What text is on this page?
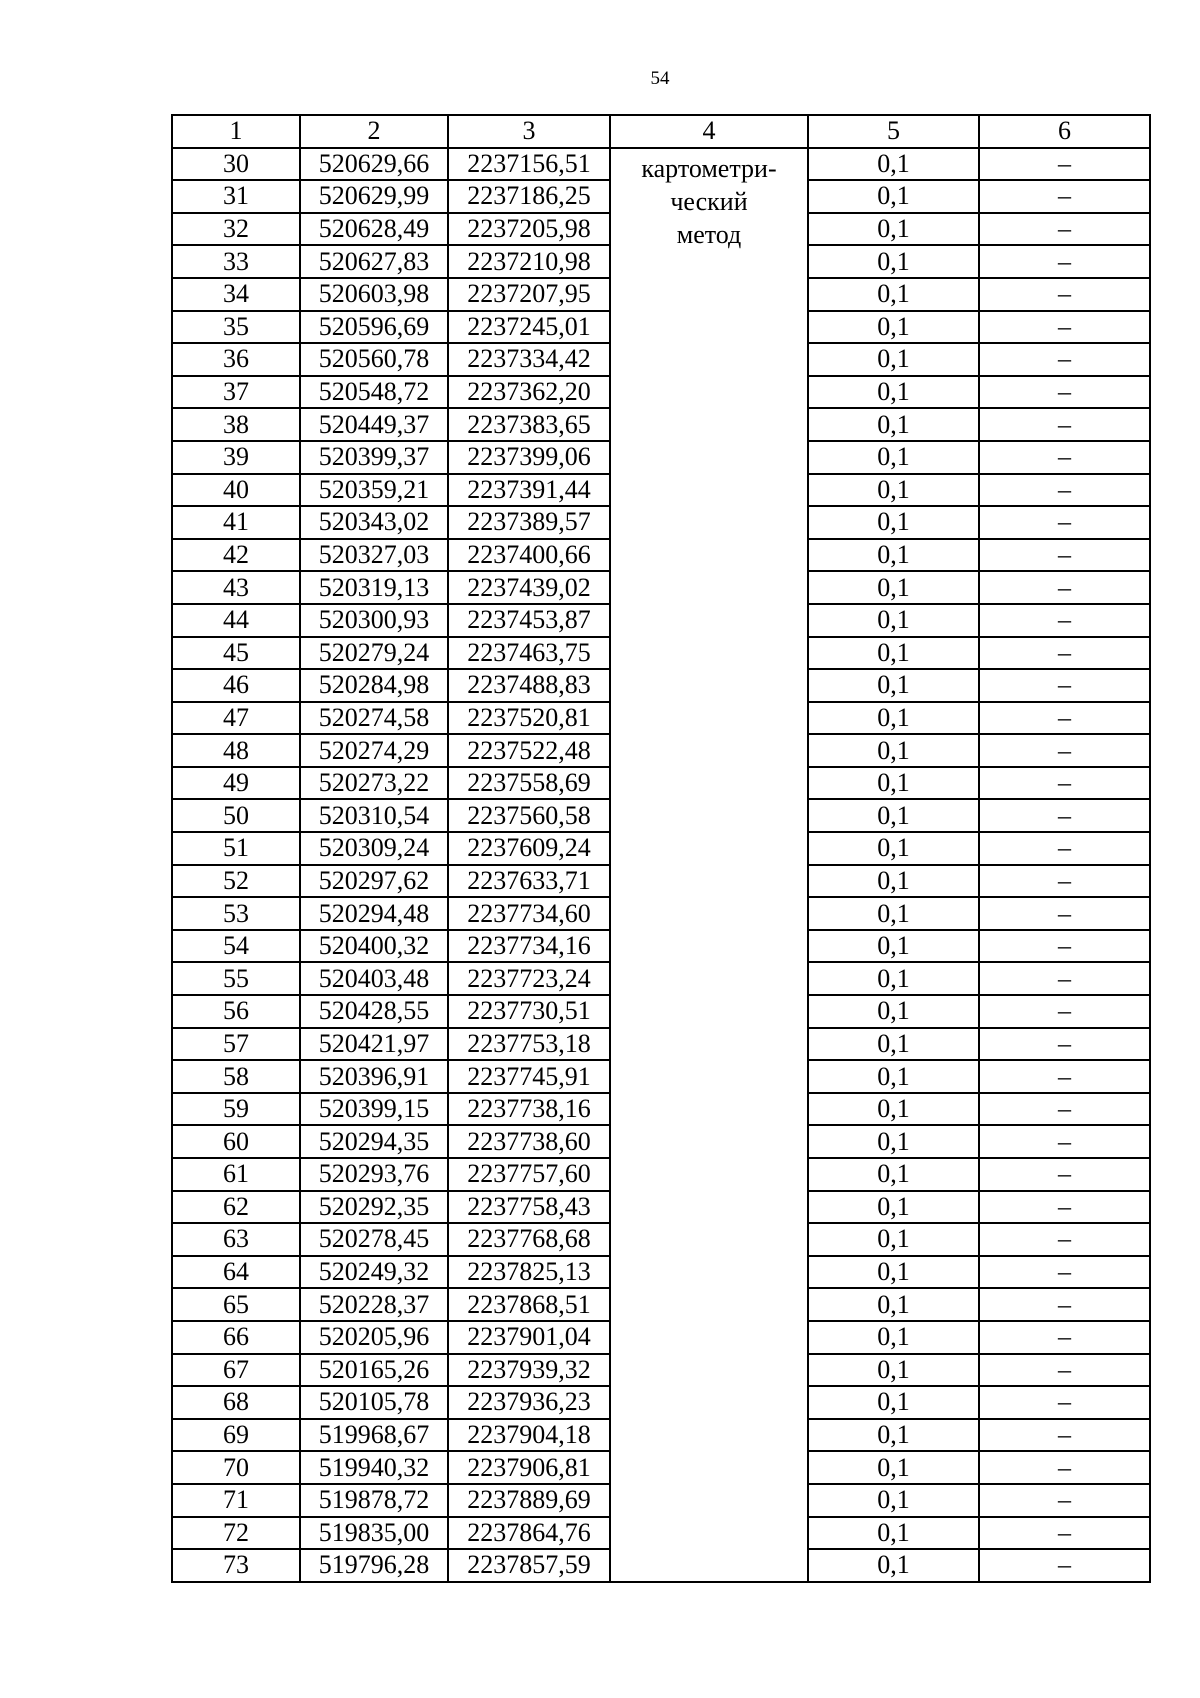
54
1	2	3	4	5	6
30	520629,66	2237156,51	картометри-
ческий
метод	0,1	–
31	520629,99	2237186,25		0,1	–
32	520628,49	2237205,98		0,1	–
33	520627,83	2237210,98		0,1	–
34	520603,98	2237207,95		0,1	–
35	520596,69	2237245,01		0,1	–
36	520560,78	2237334,42		0,1	–
37	520548,72	2237362,20		0,1	–
38	520449,37	2237383,65		0,1	–
39	520399,37	2237399,06		0,1	–
40	520359,21	2237391,44		0,1	–
41	520343,02	2237389,57		0,1	–
42	520327,03	2237400,66		0,1	–
43	520319,13	2237439,02		0,1	–
44	520300,93	2237453,87		0,1	–
45	520279,24	2237463,75		0,1	–
46	520284,98	2237488,83		0,1	–
47	520274,58	2237520,81		0,1	–
48	520274,29	2237522,48		0,1	–
49	520273,22	2237558,69		0,1	–
50	520310,54	2237560,58		0,1	–
51	520309,24	2237609,24		0,1	–
52	520297,62	2237633,71		0,1	–
53	520294,48	2237734,60		0,1	–
54	520400,32	2237734,16		0,1	–
55	520403,48	2237723,24		0,1	–
56	520428,55	2237730,51		0,1	–
57	520421,97	2237753,18		0,1	–
58	520396,91	2237745,91		0,1	–
59	520399,15	2237738,16		0,1	–
60	520294,35	2237738,60		0,1	–
61	520293,76	2237757,60		0,1	–
62	520292,35	2237758,43		0,1	–
63	520278,45	2237768,68		0,1	–
64	520249,32	2237825,13		0,1	–
65	520228,37	2237868,51		0,1	–
66	520205,96	2237901,04		0,1	–
67	520165,26	2237939,32		0,1	–
68	520105,78	2237936,23		0,1	–
69	519968,67	2237904,18		0,1	–
70	519940,32	2237906,81		0,1	–
71	519878,72	2237889,69		0,1	–
72	519835,00	2237864,76		0,1	–
73	519796,28	2237857,59		0,1	–
